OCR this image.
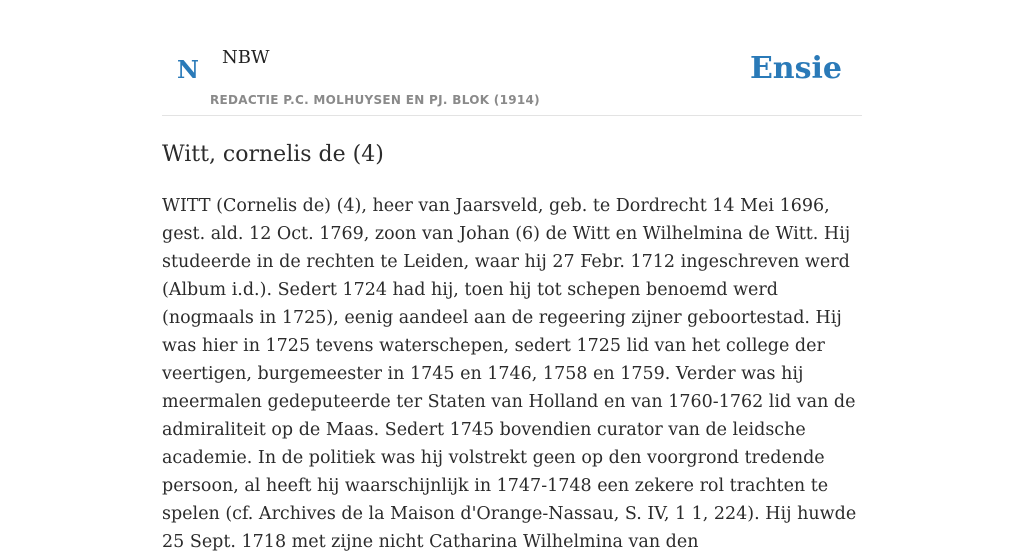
N NBW
REDACTIE P.C. MOLHUYSEN EN PJ. BLOK (1914)
Ensie
Witt, cornelis de (4)

WITT (Cornelis de) (4), heer van Jaarsveld, geb. te Dordrecht 14 Mei 1696, gest. ald. 12 Oct. 1769, zoon van Johan (6) de Witt en Wilhelmina de Witt. Hij studeerde in de rechten te Leiden, waar hij 27 Febr. 1712 ingeschreven werd (Album i.d.). Sedert 1724 had hij, toen hij tot schepen benoemd werd (nogmaals in 1725), eenig aandeel aan de regeering zijner geboortestad. Hij was hier in 1725 tevens waterschepen, sedert 1725 lid van het college der veertigen, burgemeester in 1745 en 1746, 1758 en 1759. Verder was hij meermalen gedeputeerde ter Staten van Holland en van 1760-1762 lid van de admiraliteit op de Maas. Sedert 1745 bovendien curator van de leidsche academie. In de politiek was hij volstrekt geen op den voorgrond tredende persoon, al heeft hij waarschijnlijk in 1747-1748 een zekere rol trachten te spelen (cf. Archives de la Maison d'Orange-Nassau, S. IV, 1 1, 224). Hij huwde 25 Sept. 1718 met zijne nicht Catharina Wilhelmina van den
